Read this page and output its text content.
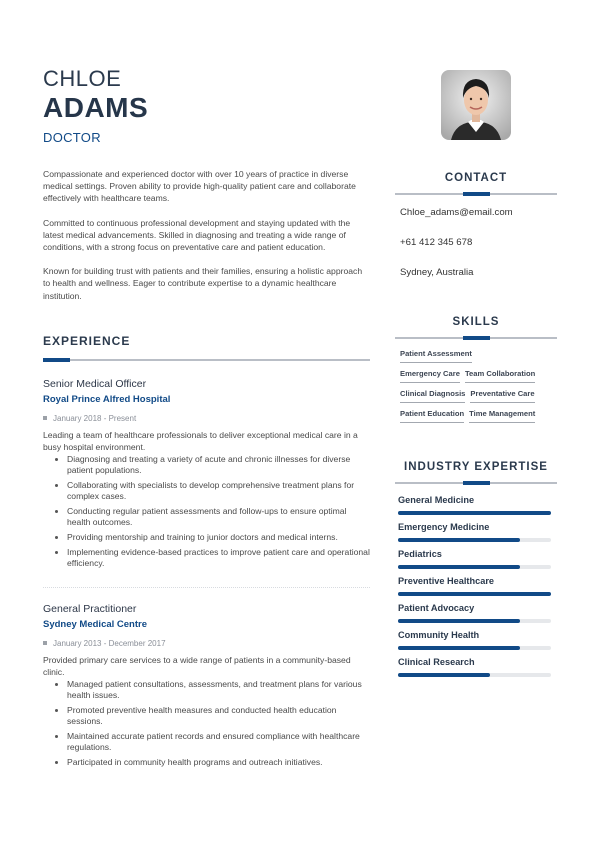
CHLOE
ADAMS
DOCTOR

Compassionate and experienced doctor with over 10 years of practice in diverse medical settings. Proven ability to provide high-quality patient care and collaborate effectively with healthcare teams.

Committed to continuous professional development and staying updated with the latest medical advancements. Skilled in diagnosing and treating a wide range of conditions, with a strong focus on preventative care and patient education.

Known for building trust with patients and their families, ensuring a holistic approach to health and wellness. Eager to contribute expertise to a dynamic healthcare institution.

EXPERIENCE
Senior Medical Officer
Royal Prince Alfred Hospital
January 2018 - Present
Leading a team of healthcare professionals to deliver exceptional medical care in a busy hospital environment.
Diagnosing and treating a variety of acute and chronic illnesses for diverse patient populations.
Collaborating with specialists to develop comprehensive treatment plans for complex cases.
Conducting regular patient assessments and follow-ups to ensure optimal health outcomes.
Providing mentorship and training to junior doctors and medical interns.
Implementing evidence-based practices to improve patient care and operational efficiency.
General Practitioner
Sydney Medical Centre
January 2013 - December 2017
Provided primary care services to a wide range of patients in a community-based clinic.
Managed patient consultations, assessments, and treatment plans for various health issues.
Promoted preventive health measures and conducted health education sessions.
Maintained accurate patient records and ensured compliance with healthcare regulations.
Participated in community health programs and outreach initiatives.
CONTACT
Chloe_adams@email.com
+61 412 345 678
Sydney, Australia
SKILLS
Patient Assessment
Emergency Care Team Collaboration
Clinical Diagnosis Preventative Care
Patient Education Time Management
INDUSTRY EXPERTISE
General Medicine
Emergency Medicine
Pediatrics
Preventive Healthcare
Patient Advocacy
Community Health
Clinical Research
